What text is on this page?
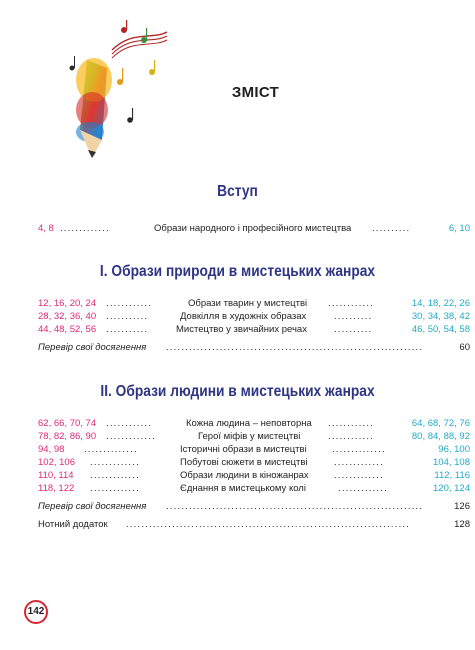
ЗМІСТ
Вступ
4, 8 .............	Образи народного і професійного мистецтва ..........	6, 10
І. Образи природи в мистецьких жанрах
12, 16, 20, 24 ............	Образи тварин у мистецтві ............	14, 18, 22, 26
28, 32, 36, 40 ...........	Довкілля в художніх образах	..........	30, 34, 38, 42
44, 48, 52, 56 ...........	Мистецтво у звичайних речах	..........	46, 50, 54, 58
Перевір свої досягнення ...................................................................	60
ІІ. Образи людини в мистецьких жанрах
62, 66, 70, 74 ............	Кожна людина – неповторна ............	64, 68, 72, 76
78, 82, 86, 90 .............	Герої міфів у мистецтві	............	80, 84, 88, 92
94, 98 ..............	Історичні образи в мистецтві	..............	96, 100
102, 106 .............	Побутові сюжети в мистецтві	.............	104, 108
110, 114 .............	Образи людини в кіножанрах	.............	112, 116
118, 122 .............	Єднання в мистецькому колі	.............	120, 124
Перевір свої досягнення ...................................................................	126
Нотний додаток ..........................................................................	128
142
